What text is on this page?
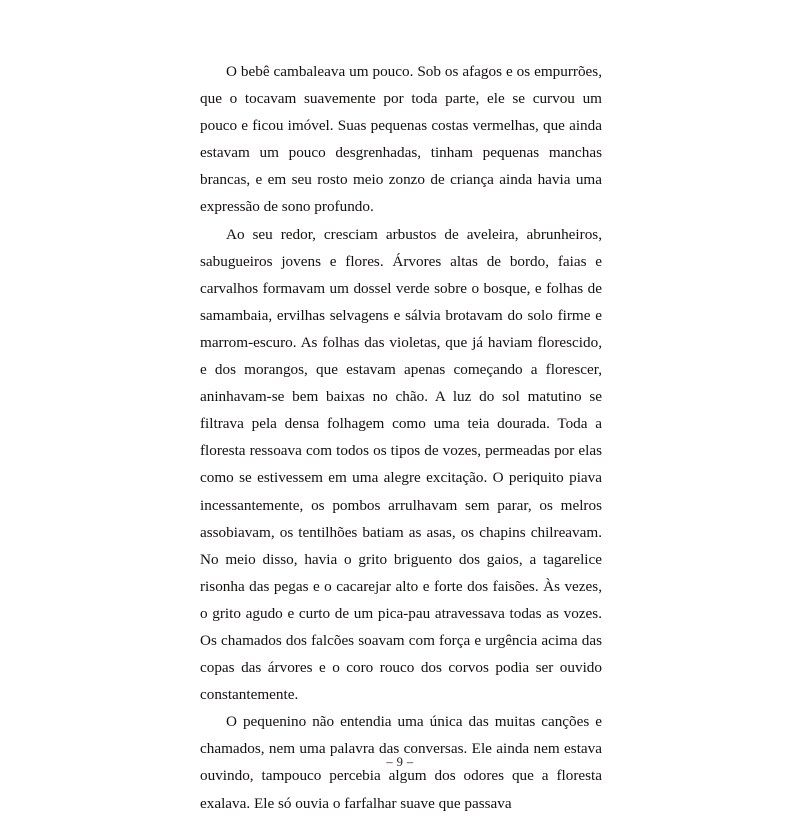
O bebê cambaleava um pouco. Sob os afagos e os empurrões, que o tocavam suavemente por toda parte, ele se curvou um pouco e ficou imóvel. Suas pequenas costas vermelhas, que ainda estavam um pouco desgrenhadas, tinham pequenas manchas brancas, e em seu rosto meio zonzo de criança ainda havia uma expressão de sono profundo.

Ao seu redor, cresciam arbustos de aveleira, abrunheiros, sabugueiros jovens e flores. Árvores altas de bordo, faias e carvalhos formavam um dossel verde sobre o bosque, e folhas de samambaia, ervilhas selvagens e sálvia brotavam do solo firme e marrom-escuro. As folhas das violetas, que já haviam florescido, e dos morangos, que estavam apenas começando a florescer, aninhavam-se bem baixas no chão. A luz do sol matutino se filtrava pela densa folhagem como uma teia dourada. Toda a floresta ressoava com todos os tipos de vozes, permeadas por elas como se estivessem em uma alegre excitação. O periquito piava incessantemente, os pombos arrulhavam sem parar, os melros assobiavam, os tentilhões batiam as asas, os chapins chilreavam. No meio disso, havia o grito briguento dos gaios, a tagarelice risonha das pegas e o cacarejar alto e forte dos faisões. Às vezes, o grito agudo e curto de um pica-pau atravessava todas as vozes. Os chamados dos falcões soavam com força e urgência acima das copas das árvores e o coro rouco dos corvos podia ser ouvido constantemente.

O pequenino não entendia uma única das muitas canções e chamados, nem uma palavra das conversas. Ele ainda nem estava ouvindo, tampouco percebia algum dos odores que a floresta exalava. Ele só ouvia o farfalhar suave que passava

– 9 –
